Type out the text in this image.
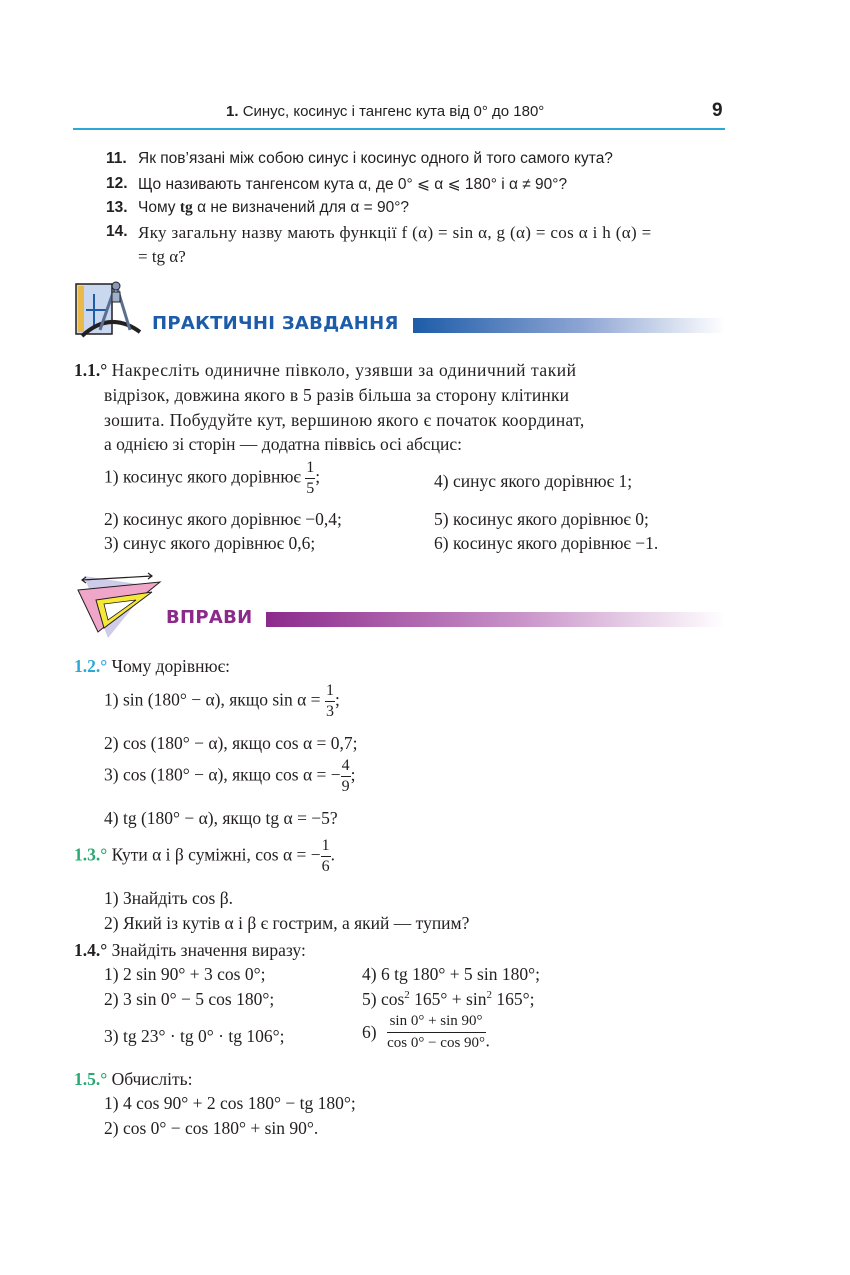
1. Синус, косинус і тангенс кута від 0° до 180°	9
11. Як пов’язані між собою синус і косинус одного й того самого кута?
12. Що називають тангенсом кута α, де 0° ⩽ α ⩽ 180° і α ≠ 90°?
13. Чому tg α не визначений для α = 90°?
14. Яку загальну назву мають функції f (α) = sin α, g (α) = cos α і h (α) =
= tg α?
ПРАКТИЧНІ ЗАВДАННЯ
1.1.° Накресліть одиничне півколо, узявши за одиничний такий
відрізок, довжина якого в 5 разів більша за сторону клітинки
зошита. Побудуйте кут, вершиною якого є початок координат,
а однією зі сторін — додатна піввісь осі абсцис:
1) косинус якого дорівнює $\frac{1}{5}$ ;
2) косинус якого дорівнює −0,4;
3) синус якого дорівнює 0,6;
4) синус якого дорівнює 1;
5) косинус якого дорівнює 0;
6) косинус якого дорівнює −1.
ВПРАВИ
1.2.° Чому дорівнює:
1) sin (180° − α), якщо $\sin \alpha = \frac{1}{3}$ ;
2) cos (180° − α), якщо cos α = 0,7;
3) cos (180° − α), якщо cos α = − $\frac{4}{9}$ ;
4) tg (180° − α), якщо tg α = −5?
1.3.° Кути α і β суміжні, cos α = − $\frac{1}{6}$ .
1) Знайдіть cos β.
2) Який із кутів α і β є гострим, а який — тупим?
1.4.° Знайдіть значення виразу:
1) 2 sin 90° + 3 cos 0°;
2) 3 sin 0° − 5 cos 180°;
3) tg 23° · tg 0° · tg 106°;
4) 6 tg 180° + 5 sin 180°;
5) $\cos^2 165^\circ + \sin^2 165^\circ$;
$6) \frac{\sin 0^\circ + \sin 90^\circ}{\cos 0^\circ - \cos 90^\circ}$ .
1.5.° Обчисліть:
1) 4 cos 90° + 2 cos 180° − tg 180°;
2) cos 0° − cos 180° + sin 90°.
